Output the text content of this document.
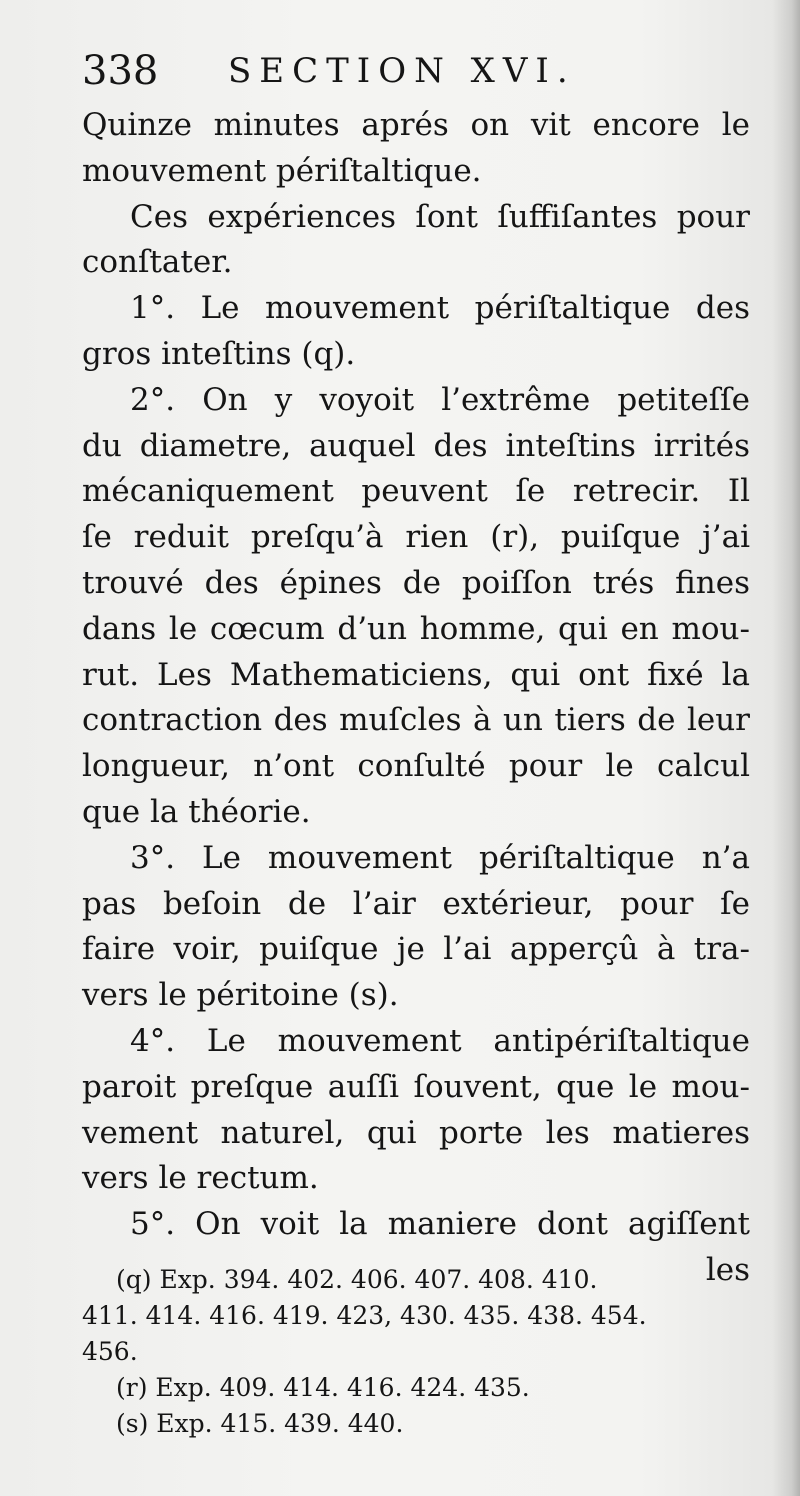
338 SECTION XVI.
Quinze minutes aprés on vit encore le
mouvement périſtaltique.
Ces expériences ſont ſuffiſantes pour
conſtater.
1°. Le mouvement périſtaltique des
gros inteſtins (q).
2°. On y voyoit l’extrême petiteſſe
du diametre, auquel des inteſtins irrités
mécaniquement peuvent ſe retrecir. Il
ſe reduit preſqu’à rien (r), puiſque j’ai
trouvé des épines de poiſſon trés fines
dans le cœcum d’un homme, qui en mou-
rut. Les Mathematiciens, qui ont fixé la
contraction des muſcles à un tiers de leur
longueur, n’ont conſulté pour le calcul
que la théorie.
3°. Le mouvement périſtaltique n’a
pas beſoin de l’air extérieur, pour ſe
faire voir, puiſque je l’ai apperçû à tra-
vers le péritoine (s).
4°. Le mouvement antipériſtaltique
paroit preſque auſſi ſouvent, que le mou-
vement naturel, qui porte les matieres
vers le rectum.
5°. On voit la maniere dont agiſſent
les
(q) Exp. 394. 402. 406. 407. 408. 410.
411. 414. 416. 419. 423, 430. 435. 438. 454.
456.
(r) Exp. 409. 414. 416. 424. 435.
(s) Exp. 415. 439. 440.
